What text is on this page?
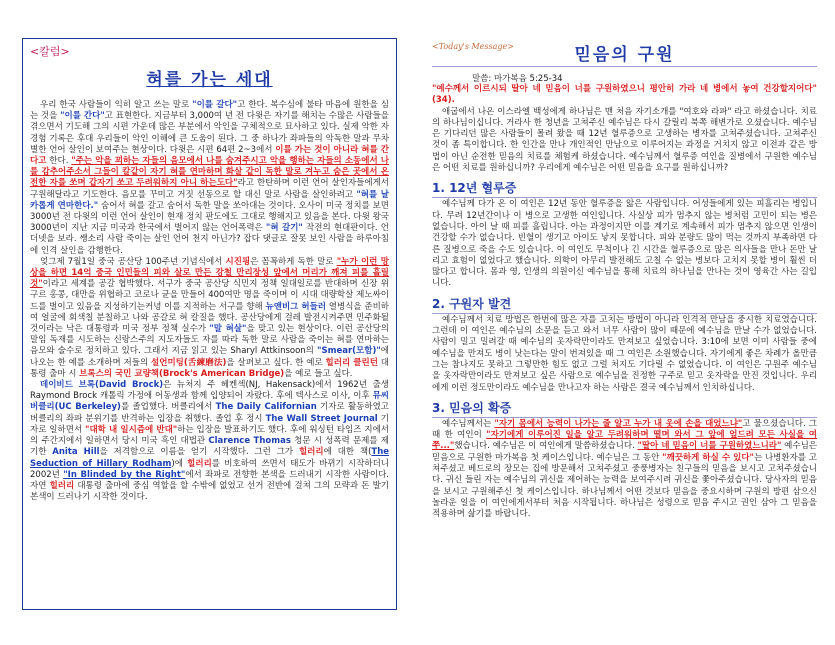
<칼럼>

혀를 가는 세대

우리 한국 사람들이 익히 알고 쓰는 말로 "이를 갈다"고 한다. 복수심에 불타 마음에 원한을 심는 것을 "이를 간다"고 표현한다. 지금부터 3,000여 년 전 다윗은 자기를 해치는 수많은 사람들을 겪으면서 기도해 그의 시편 가운데 많은 부분에서 악인을 구체적으로 묘사하고 있다. 실제 악한 자 경험 기록은 후대 우리들이 악인 이해에 큰 도움이 된다. 그 중 하나가 좌파들의 악독한 말과 무차별한 언어 살인이 보여주는 현상이다. 다윗은 시편 64편 2~3에서 이를 가는 것이 아니라 혀를 간다고 한다. "주는 악을 꾀하는 자들의 음모에서 나를 숨겨주시고 악을 행하는 자들의 소동에서 나를 감추어주소서 그들이 칼같이 자기 혀를 연마하며 화살 같이 독한 말로 겨누고 숨은 곳에서 온전한 자를 쏘며 갑자기 쏘고 두려워하지 아니 하는도다"라고 한탄하며 이런 언어 살인자들에게서 구원해달라고 기도한다. 음모를 꾸미고 거짓 선동으로 할 대신 말로 사람을 살인하려고 "혀를 날카롭게 연마한다." 숨어서 혀를 갈고 숨어서 독한 말을 쏘아대는 것이다. 오사이 미국 정치를 보면 3000년 전 다윗의 이런 언어 살인이 현재 정치 판도에도 그대로 행해지고 있음을 본다. 다윗 왕국 3000년이 지난 지금 미국과 한국에서 벌어지 않는 언어폭력은 "혀 갈기" 작전의 현대판이다. 언더넷을 보라. 쌩소리 사람 죽이는 살인 언어 천지 아닌가? 잡다 댓글로 잘못 보인 사람을 하루아침에 인격 살인을 감행한다.

엊그제 7월1일 중국 공산당 100주년 기념식에서 시진핑은 꼼꼭하게 독한 말로 "누가 이런 망상을 하면 14억 중국 인민들의 피와 살로 만든 강철 만리장성 앞에서 머리가 깨져 피를 흘릴 것"이라고 세계를 공갈 협박했다. 서구가 중국 공산당 식민지 정책 일대일로를 반대하며 신장 위구르 홍콩, 대만을 위협하고 코로나 균을 만들어 400여만 명을 죽이며 이 시대 대량학살 제노싸이드를 벌이고 있음을 지성하기는커녕 이를 지적하는 서구를 향해 뉴앤비그 허들러 열병식을 준비하여 얼굴에 회색칠 분칠하고 나와 공갈로 혀 칼질을 했다. 공산당에게 걸레 발전시켜주면 민주화될 것이라는 낙은 대통령과 미국 정부 정책 실수가 "말 혀살"을 맞고 있는 현상이다. 이런 공산당의 말임 독재를 시도하는 신랑스주의 지도자들도 자를 따라 독한 말로 사람을 죽이는 혀를 연마하는 음모와 술수로 정치하고 있다. 그래서 지금 읽고 있는 Sharyl Attkinsoon의 "Smear(모함)"에 나오는 한 예를 소개하며 저들의 설언미팅(舌練磨法)을 살펴보고 싶다. 한 예로 힐러리 클린턴 대통령 출마 시 브록스의 국민 교량책(Brock's American Bridge)을 예로 들고 싶다.

데이비드 브록(David Brock)은 뉴처지 주 헤켄섹(NJ, Hakensack)에서 1962년 출생 Raymond Brock 캐톨릭 가정에 어동생과 함께 입양되어 자랐다. 후에 텍사스로 이사, 이후 뮤씨 버클리(UC Berkeley)를 졸업했다. 버클리에서 The Daily Californian 기자로 활동하였고 버클리의 좌파 분위기를 반격하는 입장을 취했다. 졸업 후 정시 The Wall Street Journal 기자로 일하면서 "대학 내 일시즘에 반대"하는 입장을 발표하기도 했다. 후에 워싱턴 타임즈 지에서의 주간지에서 일하면서 당시 미국 흑인 대법관 Clarence Thomas 청문 시 성폭력 문제를 제기한 Anita Hill을 저격함으로 이름을 얻기 시작했다. 그런 그가 힐러리에 대한 책(The Seduction of Hillary Rodham)에 힐러리를 비호하여 쓰면서 태도가 바뀌기 시작하더니 2002년 "In Blinded by the Right"에서 좌파로 전향한 본색을 드러내기 시작한 사람이다. 자연 힐러리 대통령 출마에 중심 역할을 할 수밖에 없었고 선거 전반에 걸쳐 그의 모략과 돈 발기 본색이 드러나기 시작한 것이다.

<Today's Message>	믿음의 구원

말씀: 마가복음 5:25-34

"예수께서 이르시되 딸아 네 믿음이 너를 구원하였으니 평안히 가라 네 병에서 놓여 건강할지어다" (34).

애굽에서 나온 이스라엘 백성에게 하나님은 맨 처음 자기소개를 "여호와 라파" 라고 하셨습니다. 치료의 하나님이십니다. 거라사 한 청년을 고쳐주신 예수님은 다시 갈릴리 북쪽 해변가로 오셨습니다. 예수님은 기다리던 많은 사람들이 몰려 왔을 때 12년 혈루증으로 고생하는 병자를 고쳐주셨습니다. 고쳐주신 것이 좀 특이합니다. 한 인간을 만나 개인적인 만남으로 이루어지는 과정을 거치지 않고 이전과 같은 방법이 아닌 순전한 믿음의 치료를 체험케 하셨습니다. 예수님께서 혈루증 여인을 질병에서 구원한 예수님은 어떤 치료를 원하십니까? 우리에게 예수님은 어떤 믿음을 요구를 원하십니까?

1. 12년 혈루증

예수님께 다가 온 이 여인은 12년 동안 혈루증을 앓은 사람입니다. 어성들에게 있는 피흘리는 병입니다. 무려 12년간이나 이 병으로 고생한 여인입니다. 사실상 피가 멈추지 않는 병처럼 고민이 되는 병은 없습니다. 아이 날 때 피를 흘립니다. 아는 과정이지만 이를 계기로 계속해서 피가 멈추지 않으면 인생이 건강할 수가 없습니다. 빈혈이 생기고 아이도 낳지 못합니다. 피와 분량도 많이 먹는 것까지 부족하면 다른 질병으로 죽을 수도 있습니다. 이 여인도 무척이나 긴 시간을 혈루증으로 많은 의사들을 만나 돈만 날리고 효험이 없었다고 했습니다. 의학이 아무리 발전해도 고칠 수 없는 병보다 고치지 못할 병이 훨씬 더 많다고 합니다. 몸과 영, 인생의 의원이신 예수님을 통해 치료의 하나님을 만나는 것이 영육간 사는 길입니다.

2. 구원자 발견

예수님께서 치료 방법은 한번에 많은 자를 고치는 방법이 아니라 인격적 만남을 중시한 치료였습니다. 그런데 이 여인은 예수님의 소문을 듣고 와서 너무 사람이 많이 때문에 예수님을 만날 수가 없었습니다. 사람이 밀고 밀려갈 때 예수님의 옷자락만이라도 만져보고 싶었습니다. 3:10에 보면 이미 사람들 중에 예수님을 만져도 병이 낫는다는 말이 번져있을 때 그 여인은 소원했습니다. 자기에게 좋은 차례가 올만큼 그는 참나지도 못하고 그렇만한 힘도 없고 그럴 처지도 기다릴 수 없었습니다. 이 여인은 구원주 예수님을 옷자락만이라도 만져보고 싶은 사람으로 예수님을 진정한 구주로 믿고 옷자락을 만진 것입니다. 우리에게 이런 정도만이라도 예수님을 만나고자 하는 사람은 결국 예수님께서 인치하십니다.

3. 믿음의 확증

예수님께서는 "자기 몸에서 능력이 나가는 줄 알고 누가 내 옷에 손을 대었느냐"고 물으셨습니다. 그 때 한 여인이 "자기에게 이루어진 일을 알고 두려워하며 떨며 와서 그 앞에 엎드려 모든 사실을 여쭈..."했습니다. 예수님은 이 여인에게 말씀하셨습니다. "딸아 네 믿음이 너를 구원하였느니라" 예수님은 믿음으로 구원한 마가복음 첫 케이스입니다. 예수님은 그 동안 "깨끗하게 하실 수 있다"는 나병환자를 고쳐주셨고 베드로의 장모는 집에 방문해서 고쳐주셨고 중풍병자는 친구들의 믿음을 보시고 고쳐주셨습니다. 귀신 들린 자는 예수님의 귀신을 제어하는 능력을 보여주시려 귀신을 쫓아주셨습니다. 당사자의 믿음을 보시고 구원해주신 첫 케이스입니다. 하나님께서 어떤 것보다 믿음을 중요시하며 구원의 방편 삼으신 놀라운 일을 이 여인에게서부터 처음 시작됩니다. 하나님은 성령으로 믿음 주시고 권인 삼아 그 믿음을 적용하며 삶기를 바랍니다.
